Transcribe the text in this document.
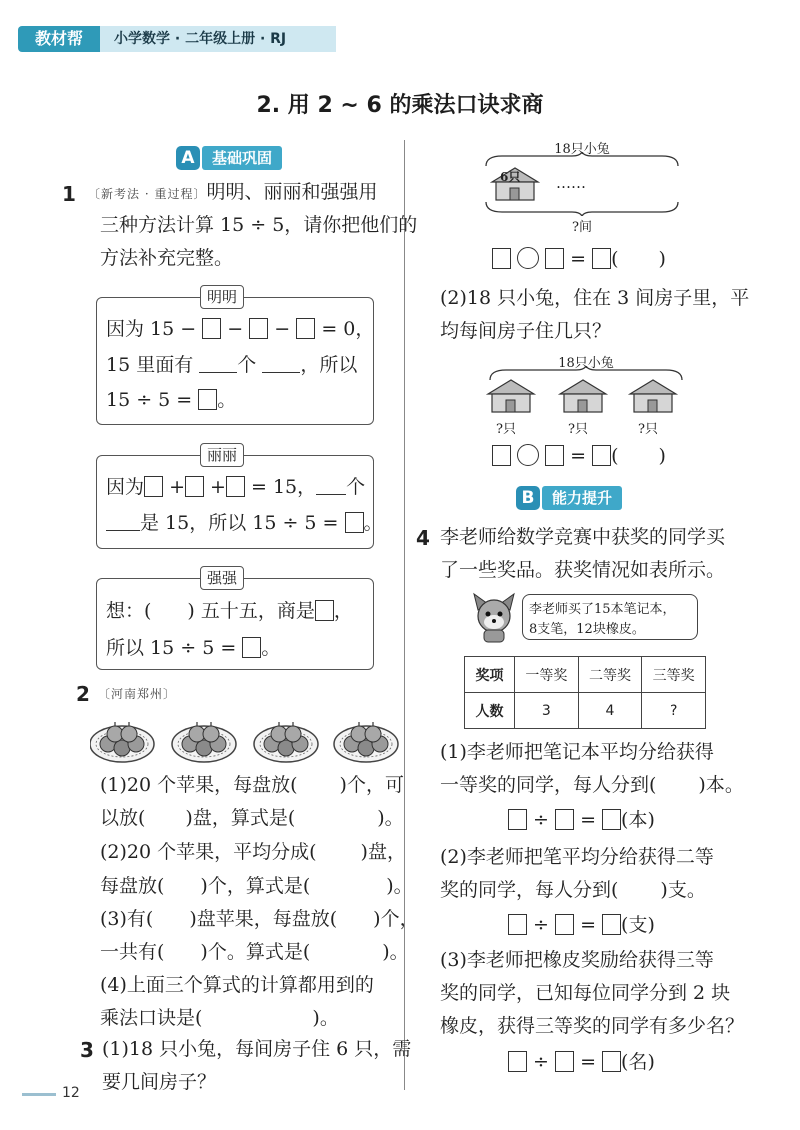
教材帮	小学数学 · 二年级上册 · RJ
2. 用 2 ~ 6 的乘法口诀求商
A	基础巩固
1 〔新考法 · 重过程〕明明、丽丽和强强用
三种方法计算 15 ÷ 5，请你把他们的
方法补充完整。
明明
因为 15 − − − = 0，
15 里面有 个 ，所以
15 ÷ 5 = 。
丽丽
因为 + + = 15， 个
是 15，所以 15 ÷ 5 = 。
强强
想：( ) 五十五，商是 ，
所以 15 ÷ 5 = 。
2 〔河南郑州〕
(1)20 个苹果，每盘放( )个，可
以放( )盘，算式是(	)。
(2)20 个苹果，平均分成( )盘，
每盘放( )个，算式是(	)。
(3)有( )盘苹果，每盘放( )个，
一共有( )个。算式是(	)。
(4)上面三个算式的计算都用到的
乘法口诀是(	)。
3 (1)18 只小兔，每间房子住 6 只，需
要几间房子？
12
18只小兔
6只 ……
?间
= ( )
(2)18 只小兔，住在 3 间房子里，平
均每间房子住几只？
18只小兔
?只	?只	?只
= ( )
B	能力提升
4 李老师给数学竞赛中获奖的同学买
了一些奖品。获奖情况如表所示。
李老师买了15本笔记本，
8支笔，12块橡皮。
奖项	一等奖	二等奖	三等奖
人数	3	4	?
(1)李老师把笔记本平均分给获得
一等奖的同学，每人分到( )本。
÷ = (本)
(2)李老师把笔平均分给获得二等
奖的同学，每人分到( )支。
÷ = (支)
(3)李老师把橡皮奖励给获得三等
奖的同学，已知每位同学分到 2 块
橡皮，获得三等奖的同学有多少名？
÷ = (名)
